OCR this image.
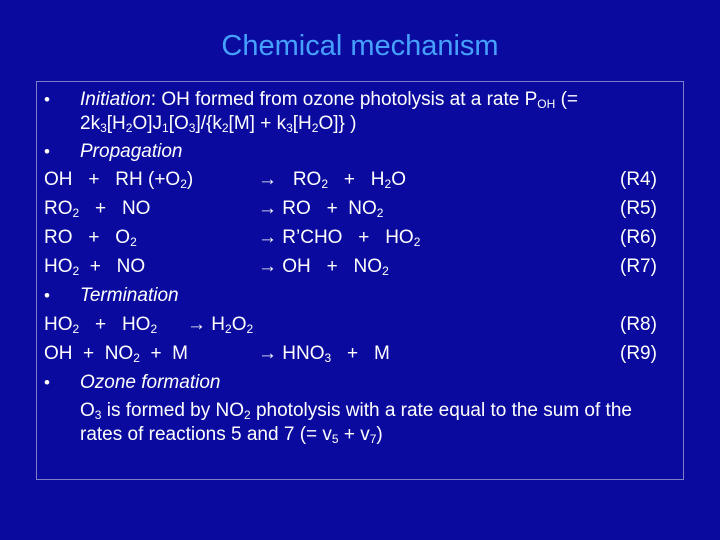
Chemical mechanism
• Initiation: OH formed from ozone photolysis at a rate $P_{OH}$ (=
$2k_3[H_2O]J_1[O_3]/\{k_2[M] + k_3[H_2O]\}$ )
• Propagation
OH   +   RH $(+O_2)$	→ $RO_2 + H_2O$	(R4)
$RO_2$   +   NO	→ RO   +  $NO_2$	(R5)
RO   +   $O_2$	→ R’CHO   +   $HO_2$	(R6)
$HO_2$  +   NO	→ OH   +   $NO_2$	(R7)
• Termination
$HO_2 + HO_2 \to H_2O_2$	(R8)
OH  +  $NO_2 + M$	→ $HNO_3 + M$	(R9)
• Ozone formation
$O_3$ is formed by $NO_2$ photolysis with a rate equal to the sum of the
rates of reactions 5 and 7 (= $v_5 + v_7$)
